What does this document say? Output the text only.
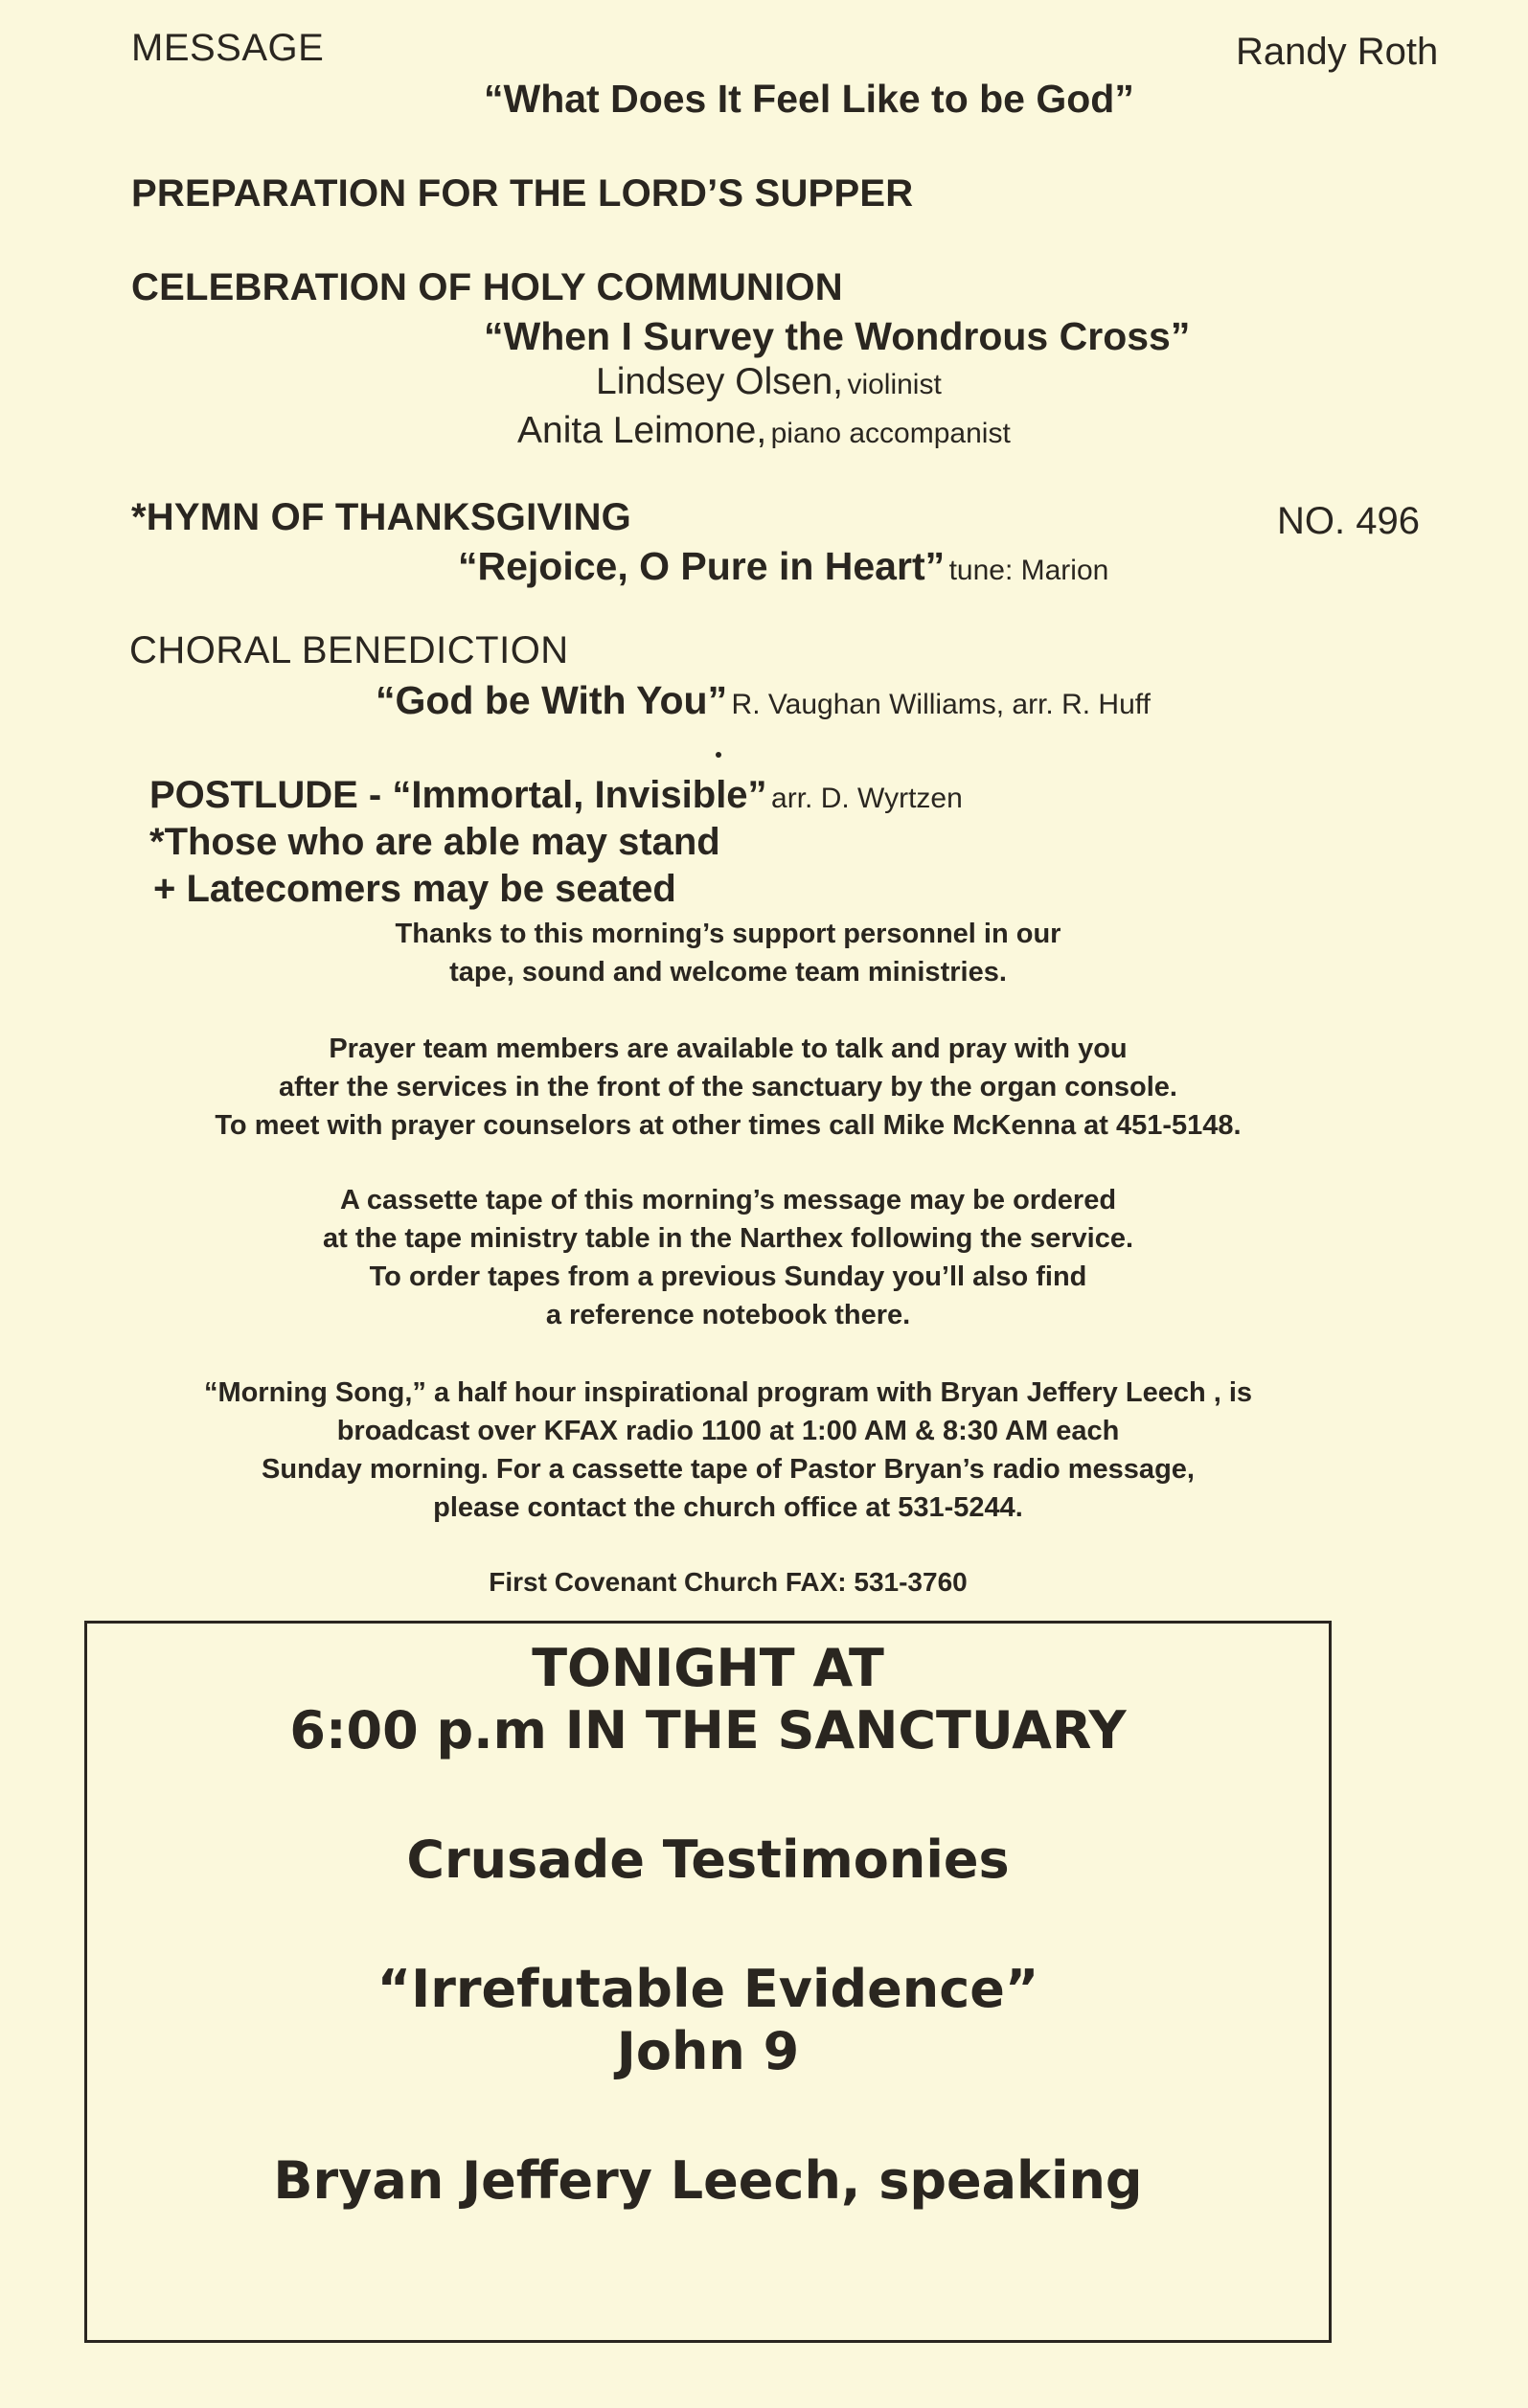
MESSAGE	Randy Roth
“What Does It Feel Like to be God”
PREPARATION FOR THE LORD’S SUPPER
CELEBRATION OF HOLY COMMUNION
“When I Survey the Wondrous Cross”
Lindsey Olsen, violinist
Anita Leimone, piano accompanist
*HYMN OF THANKSGIVING	NO. 496
“Rejoice, O Pure in Heart” tune: Marion
CHORAL BENEDICTION
“God be With You” R. Vaughan Williams, arr. R. Huff
POSTLUDE - “Immortal, Invisible” arr. D. Wyrtzen
*Those who are able may stand
+ Latecomers may be seated
Thanks to this morning’s support personnel in our
tape, sound and welcome team ministries.
Prayer team members are available to talk and pray with you
after the services in the front of the sanctuary by the organ console.
To meet with prayer counselors at other times call Mike McKenna at 451-5148.
A cassette tape of this morning’s message may be ordered
at the tape ministry table in the Narthex following the service.
To order tapes from a previous Sunday you’ll also find
a reference notebook there.
“Morning Song,” a half hour inspirational program with Bryan Jeffery Leech , is
broadcast over KFAX radio 1100 at 1:00 AM & 8:30 AM each
Sunday morning. For a cassette tape of Pastor Bryan’s radio message,
please contact the church office at 531-5244.
First Covenant Church FAX: 531-3760
TONIGHT AT
6:00 p.m IN THE SANCTUARY
Crusade Testimonies
“Irrefutable Evidence”
John 9
Bryan Jeffery Leech, speaking
